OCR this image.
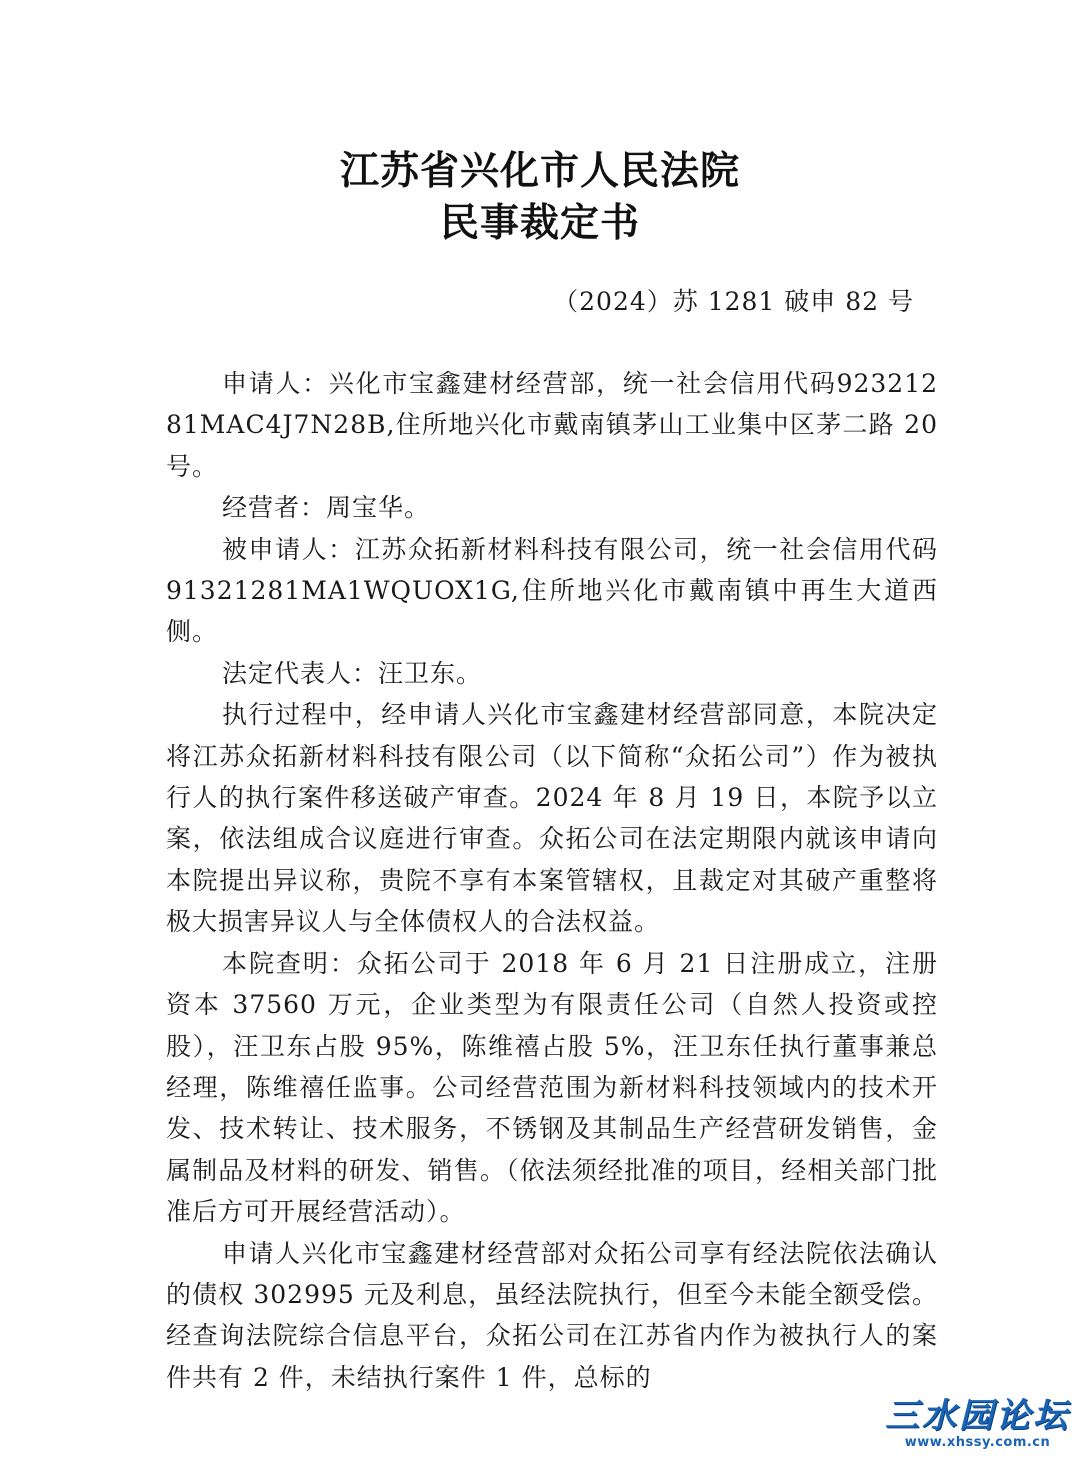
江苏省兴化市人民法院
民事裁定书
（2024）苏 1281 破申 82 号

申请人：兴化市宝鑫建材经营部，统一社会信用代码92321281MAC4J7N28B,住所地兴化市戴南镇茅山工业集中区茅二路 20 号。

经营者：周宝华。

被申请人：江苏众拓新材料科技有限公司，统一社会信用代码 91321281MA1WQUOX1G,住所地兴化市戴南镇中再生大道西侧。

法定代表人：汪卫东。

执行过程中，经申请人兴化市宝鑫建材经营部同意，本院决定将江苏众拓新材料科技有限公司（以下简称“众拓公司”）作为被执行人的执行案件移送破产审查。2024 年 8 月 19 日，本院予以立案，依法组成合议庭进行审查。众拓公司在法定期限内就该申请向本院提出异议称，贵院不享有本案管辖权，且裁定对其破产重整将极大损害异议人与全体债权人的合法权益。

本院查明：众拓公司于 2018 年 6 月 21 日注册成立，注册资本 37560 万元，企业类型为有限责任公司（自然人投资或控股），汪卫东占股 95%，陈维禧占股 5%，汪卫东任执行董事兼总经理，陈维禧任监事。公司经营范围为新材料科技领域内的技术开发、技术转让、技术服务，不锈钢及其制品生产经营研发销售，金属制品及材料的研发、销售。（依法须经批准的项目，经相关部门批准后方可开展经营活动）。

申请人兴化市宝鑫建材经营部对众拓公司享有经法院依法确认的债权 302995 元及利息，虽经法院执行，但至今未能全额受偿。经查询法院综合信息平台，众拓公司在江苏省内作为被执行人的案件共有 2 件，未结执行案件 1 件，总标的

三水园论坛
www.xhssy.com.cn
